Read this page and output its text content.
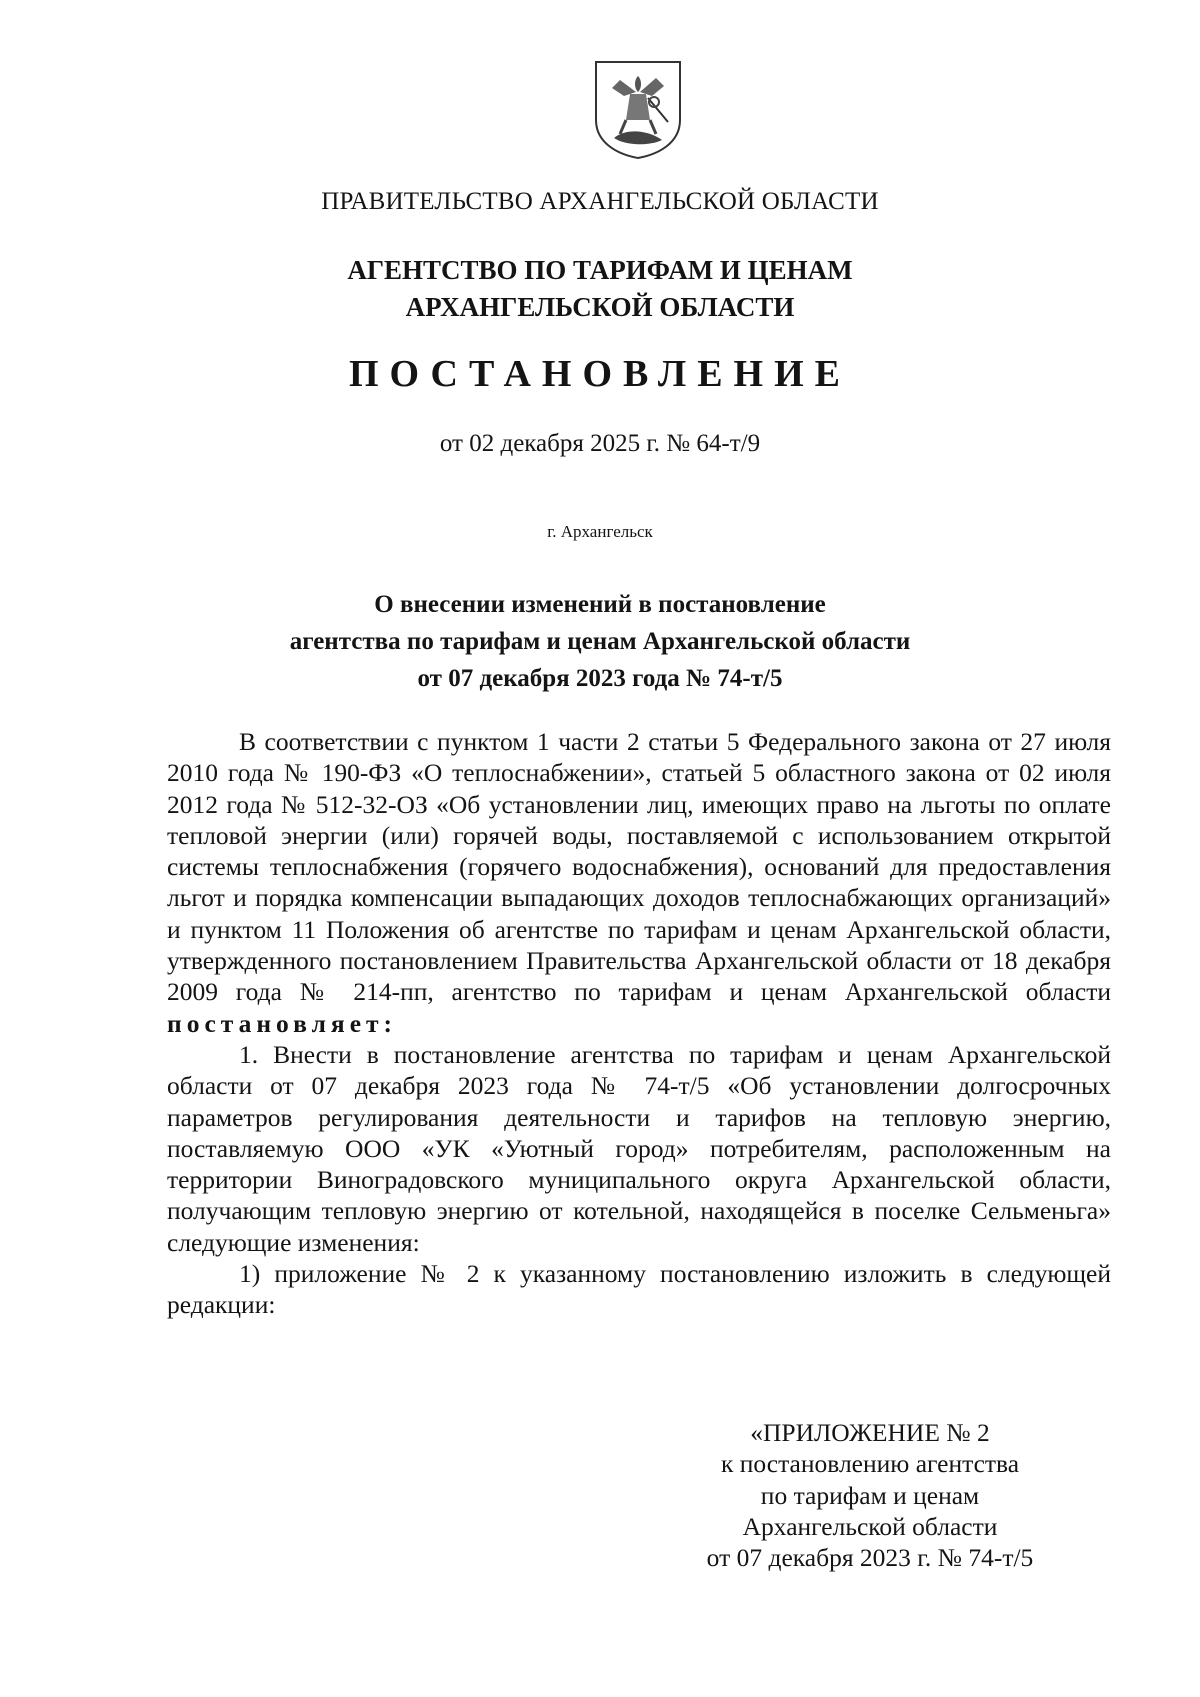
ПРАВИТЕЛЬСТВО АРХАНГЕЛЬСКОЙ ОБЛАСТИ
АГЕНТСТВО ПО ТАРИФАМ И ЦЕНАМ
АРХАНГЕЛЬСКОЙ ОБЛАСТИ
ПОСТАНОВЛЕНИЕ
от 02 декабря 2025 г. № 64-т/9
г. Архангельск
О внесении изменений в постановление
агентства по тарифам и ценам Архангельской области
от 07 декабря 2023 года № 74-т/5

В соответствии с пунктом 1 части 2 статьи 5 Федерального закона от 27 июля 2010 года № 190-ФЗ «О теплоснабжении», статьей 5 областного закона от 02 июля 2012 года № 512-32-ОЗ «Об установлении лиц, имеющих право на льготы по оплате тепловой энергии (или) горячей воды, поставляемой с использованием открытой системы теплоснабжения (горячего водоснабжения), оснований для предоставления льгот и порядка компенсации выпадающих доходов теплоснабжающих организаций» и пунктом 11 Положения об агентстве по тарифам и ценам Архангельской области, утвержденного постановлением Правительства Архангельской области от 18 декабря 2009 года № 214-пп, агентство по тарифам и ценам Архангельской области постановляет:

1. Внести в постановление агентства по тарифам и ценам Архангельской области от 07 декабря 2023 года № 74-т/5 «Об установлении долгосрочных параметров регулирования деятельности и тарифов на тепловую энергию, поставляемую ООО «УК «Уютный город» потребителям, расположенным на территории Виноградовского муниципального округа Архангельской области, получающим тепловую энергию от котельной, находящейся в поселке Сельменьга» следующие изменения:

1) приложение № 2 к указанному постановлению изложить в следующей редакции:

«ПРИЛОЖЕНИЕ № 2
к постановлению агентства
по тарифам и ценам
Архангельской области
от 07 декабря 2023 г. № 74-т/5
